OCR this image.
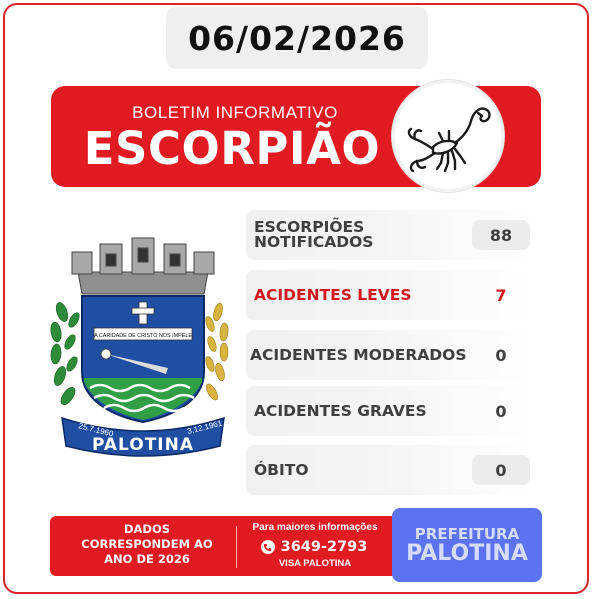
06/02/2026
BOLETIM INFORMATIVO
ESCORPIÃO
A CARIDADE DE CRISTO NOS IMPELE
PALOTINA
25.7.1960	3.12.1961
ESCORPIÕES
NOTIFICADOS	88
ACIDENTES LEVES	7
ACIDENTES MODERADOS	0
ACIDENTES GRAVES	0
ÓBITO	0
DADOS
CORRESPONDEM AO
ANO DE 2026
Para maiores informações
3649-2793
VISA PALOTINA
PREFEITURA
PALOTINA
